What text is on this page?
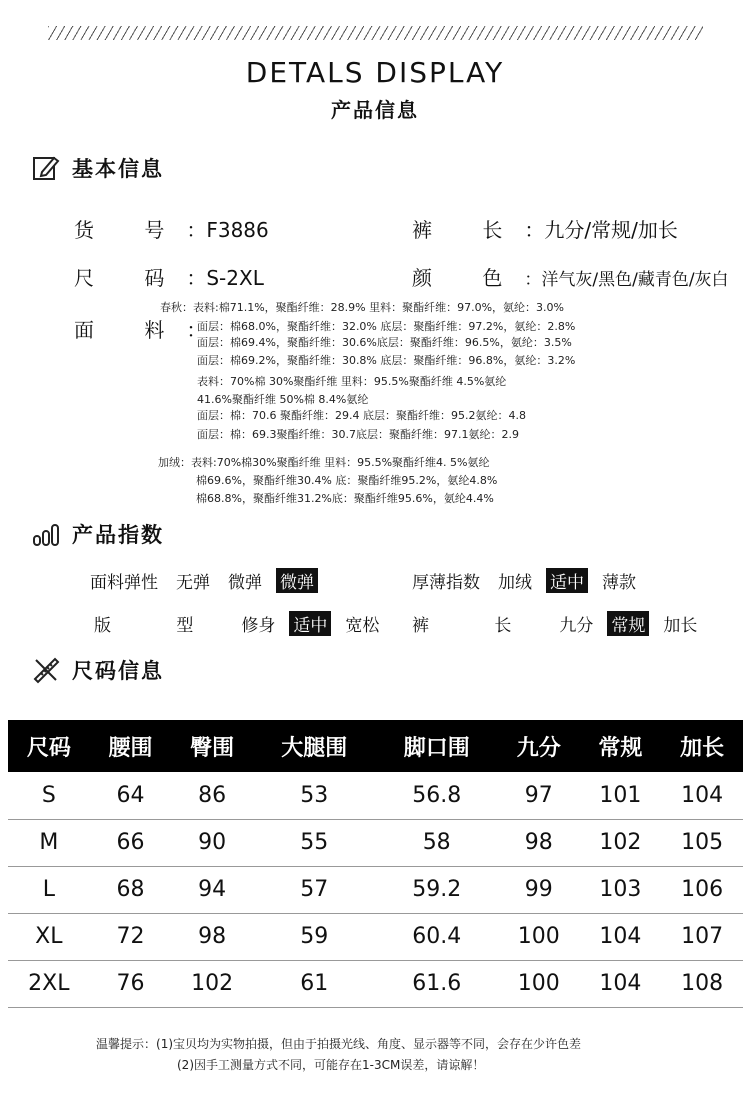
DETALS DISPLAY
产品信息
基本信息
货 号：F3886	裤 长：九分/常规/加长
尺 码：S-2XL	颜 色：洋气灰/黑色/藏青色/灰白
面 料：
春秋：表料:棉71.1%，聚酯纤维：28.9% 里料：聚酯纤维：97.0%，氨纶：3.0%
面层：棉68.0%，聚酯纤维：32.0% 底层：聚酯纤维：97.2%，氨纶：2.8%
面层：棉69.4%，聚酯纤维：30.6%底层：聚酯纤维：96.5%，氨纶：3.5%
面层：棉69.2%，聚酯纤维：30.8% 底层：聚酯纤维：96.8%，氨纶：3.2%
表料：70%棉 30%聚酯纤维 里料：95.5%聚酯纤维 4.5%氨纶
41.6%聚酯纤维 50%棉 8.4%氨纶
面层：棉：70.6 聚酯纤维：29.4 底层：聚酯纤维：95.2氨纶：4.8
面层：棉：69.3聚酯纤维：30.7底层：聚酯纤维：97.1氨纶：2.9
加绒：表料:70%棉30%聚酯纤维 里料：95.5%聚酯纤维4. 5%氨纶
棉69.6%，聚酯纤维30.4% 底：聚酯纤维95.2%，氨纶4.8%
棉68.8%，聚酯纤维31.2%底：聚酯纤维95.6%，氨纶4.4%
产品指数
面料弹性 无弹 微弹 微弹	厚薄指数 加绒 适中 薄款
版 型 修身 适中 宽松	裤 长 九分 常规 加长
尺码信息
尺码	腰围	臀围	大腿围	脚口围	九分	常规	加长
S	64	86	53	56.8	97	101	104
M	66	90	55	58	98	102	105
L	68	94	57	59.2	99	103	106
XL	72	98	59	60.4	100	104	107
2XL	76	102	61	61.6	100	104	108
温馨提示：(1)宝贝均为实物拍摄，但由于拍摄光线、角度、显示器等不同，会存在少许色差
(2)因手工测量方式不同，可能存在1-3CM误差，请谅解！
